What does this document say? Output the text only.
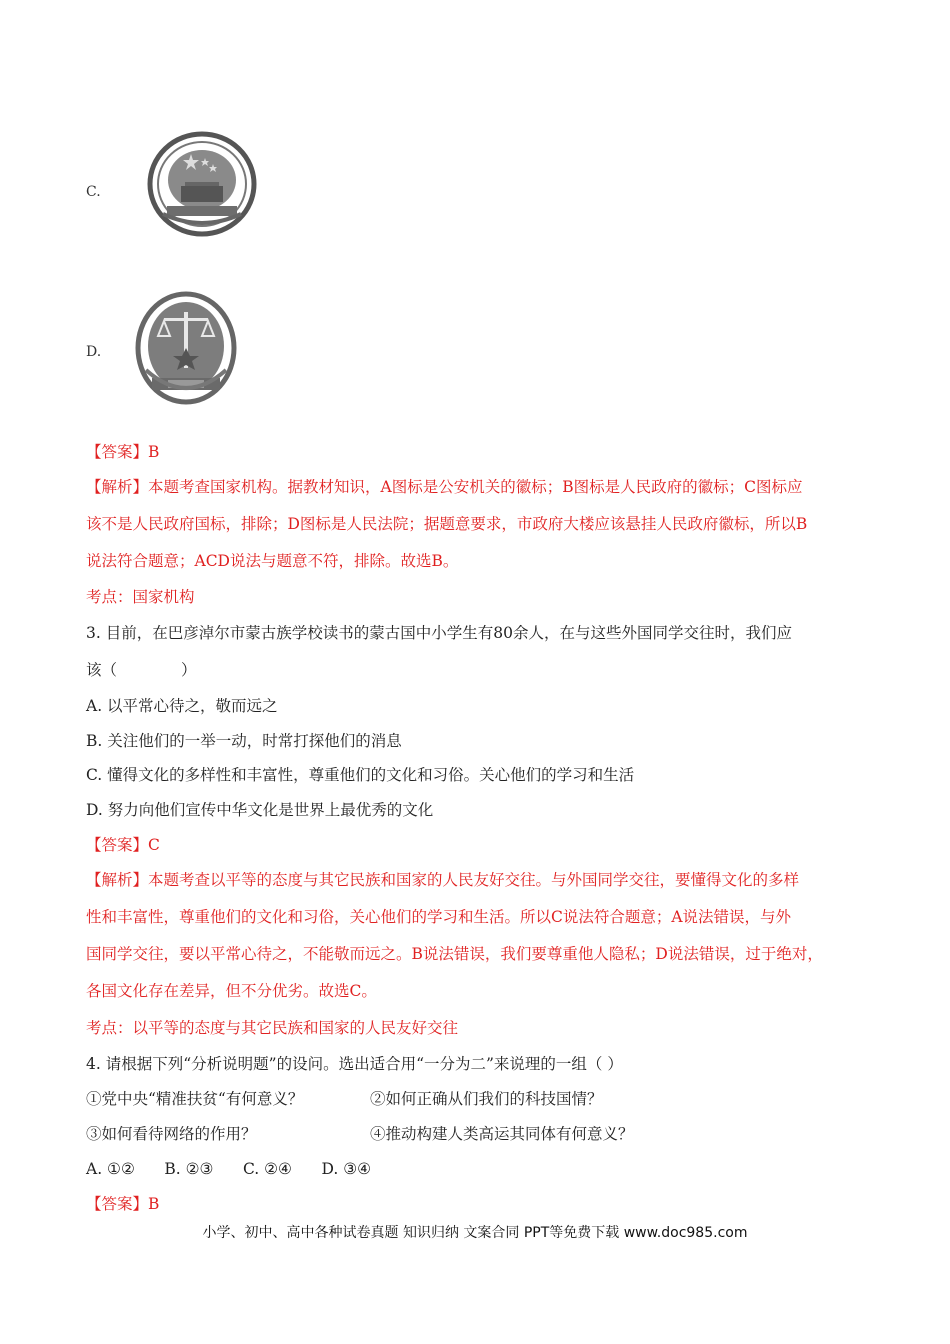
C.
D.
【答案】B
【解析】本题考查国家机构。据教材知识，A图标是公安机关的徽标；B图标是人民政府的徽标；C图标应
该不是人民政府国标，排除；D图标是人民法院；据题意要求，市政府大楼应该悬挂人民政府徽标，所以B
说法符合题意；ACD说法与题意不符，排除。故选B。
考点：国家机构
3. 目前，在巴彦淖尔市蒙古族学校读书的蒙古国中小学生有80余人，在与这些外国同学交往时，我们应
该（	）
A. 以平常心待之，敬而远之
B. 关注他们的一举一动，时常打探他们的消息
C. 懂得文化的多样性和丰富性，尊重他们的文化和习俗。关心他们的学习和生活
D. 努力向他们宣传中华文化是世界上最优秀的文化
【答案】C
【解析】本题考查以平等的态度与其它民族和国家的人民友好交往。与外国同学交往，要懂得文化的多样
性和丰富性，尊重他们的文化和习俗，关心他们的学习和生活。所以C说法符合题意；A说法错误，与外
国同学交往，要以平常心待之，不能敬而远之。B说法错误，我们要尊重他人隐私；D说法错误，过于绝对，
各国文化存在差异，但不分优劣。故选C。
考点：以平等的态度与其它民族和国家的人民友好交往
4. 请根据下列“分析说明题”的设问。选出适合用“一分为二”来说理的一组（ ）
①党中央“精准扶贫“有何意义？	②如何正确从们我们的科技国情？
③如何看待网络的作用？	④推动构建人类高运其同体有何意义？
A. ①②      B. ②③      C. ②④      D. ③④
【答案】B
小学、初中、高中各种试卷真题 知识归纳 文案合同 PPT等免费下载 www.doc985.com
